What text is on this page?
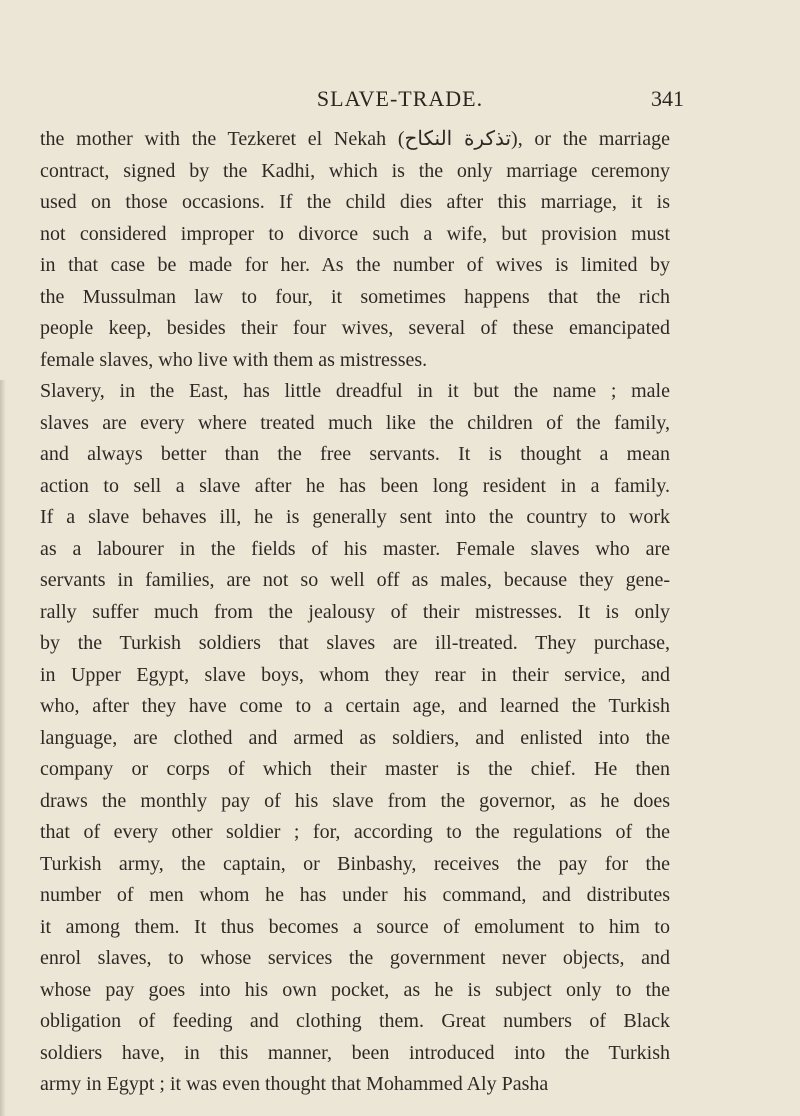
SLAVE-TRADE.	341
the mother with the Tezkeret el Nekah (تذكرة النكاح), or the marriage
contract, signed by the Kadhi, which is the only marriage ceremony
used on those occasions. If the child dies after this marriage, it is
not considered improper to divorce such a wife, but provision must
in that case be made for her. As the number of wives is limited by
the Mussulman law to four, it sometimes happens that the rich
people keep, besides their four wives, several of these emancipated
female slaves, who live with them as mistresses.
Slavery, in the East, has little dreadful in it but the name ; male
slaves are every where treated much like the children of the family,
and always better than the free servants. It is thought a mean
action to sell a slave after he has been long resident in a family.
If a slave behaves ill, he is generally sent into the country to work
as a labourer in the fields of his master. Female slaves who are
servants in families, are not so well off as males, because they gene-
rally suffer much from the jealousy of their mistresses. It is only
by the Turkish soldiers that slaves are ill-treated. They purchase,
in Upper Egypt, slave boys, whom they rear in their service, and
who, after they have come to a certain age, and learned the Turkish
language, are clothed and armed as soldiers, and enlisted into the
company or corps of which their master is the chief. He then
draws the monthly pay of his slave from the governor, as he does
that of every other soldier ; for, according to the regulations of the
Turkish army, the captain, or Binbashy, receives the pay for the
number of men whom he has under his command, and distributes
it among them. It thus becomes a source of emolument to him to
enrol slaves, to whose services the government never objects, and
whose pay goes into his own pocket, as he is subject only to the
obligation of feeding and clothing them. Great numbers of Black
soldiers have, in this manner, been introduced into the Turkish
army in Egypt ; it was even thought that Mohammed Aly Pasha
